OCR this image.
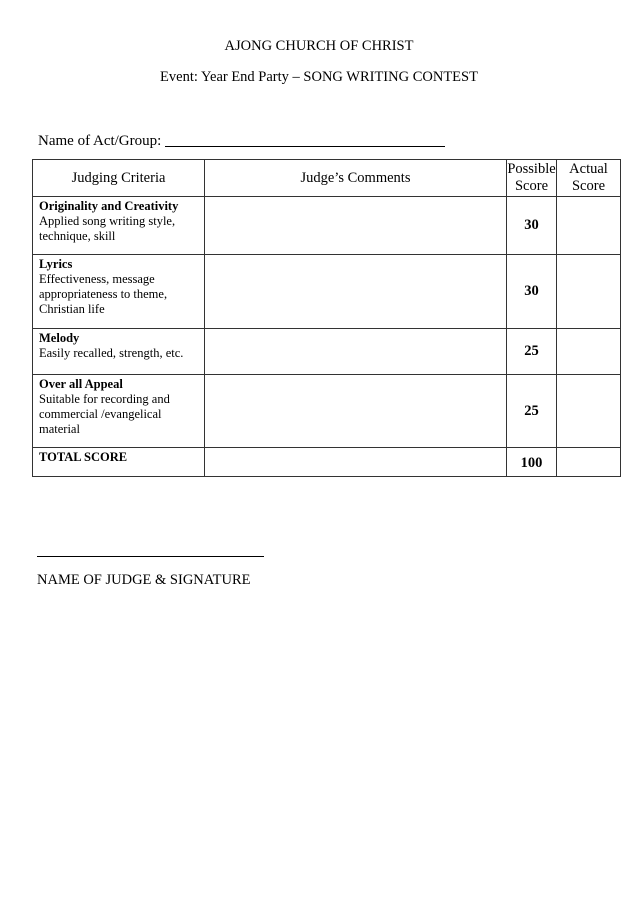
AJONG CHURCH OF CHRIST
Event: Year End Party – SONG WRITING CONTEST
Name of Act/Group:
Judging Criteria	Judge’s Comments	Possible Score	Actual Score

Originality and Creativity
Applied song writing style, technique, skill		30	

Lyrics
Effectiveness, message appropriateness to theme, Christian life		30	

Melody
Easily recalled, strength, etc.		25	

Over all Appeal
Suitable for recording and commercial /evangelical material		25	

TOTAL SCORE		100	
NAME OF JUDGE & SIGNATURE
